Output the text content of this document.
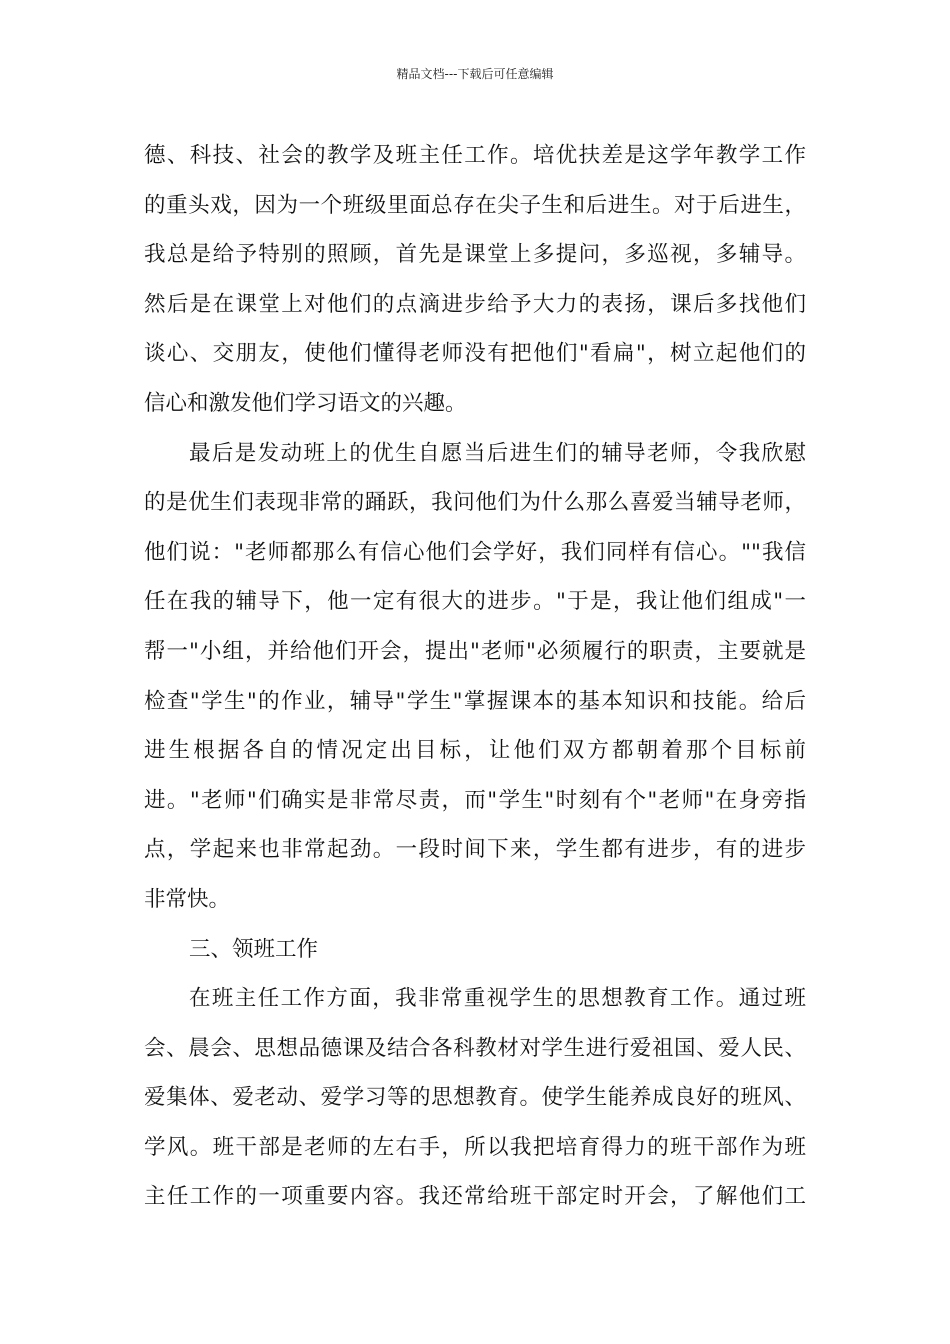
精品文档---下载后可任意编辑
德、科技、社会的教学及班主任工作。培优扶差是这学年教学工作
的重头戏，因为一个班级里面总存在尖子生和后进生。对于后进生，
我总是给予特别的照顾，首先是课堂上多提问，多巡视，多辅导。
然后是在课堂上对他们的点滴进步给予大力的表扬，课后多找他们
谈心、交朋友，使他们懂得老师没有把他们"看扁"，树立起他们的
信心和激发他们学习语文的兴趣。
最后是发动班上的优生自愿当后进生们的辅导老师，令我欣慰
的是优生们表现非常的踊跃，我问他们为什么那么喜爱当辅导老师，
他们说："老师都那么有信心他们会学好，我们同样有信心。""我信
任在我的辅导下，他一定有很大的进步。"于是，我让他们组成"一
帮一"小组，并给他们开会，提出"老师"必须履行的职责，主要就是
检查"学生"的作业，辅导"学生"掌握课本的基本知识和技能。给后
进生根据各自的情况定出目标，让他们双方都朝着那个目标前
进。"老师"们确实是非常尽责，而"学生"时刻有个"老师"在身旁指
点，学起来也非常起劲。一段时间下来，学生都有进步，有的进步
非常快。
三、领班工作
在班主任工作方面，我非常重视学生的思想教育工作。通过班
会、晨会、思想品德课及结合各科教材对学生进行爱祖国、爱人民、
爱集体、爱老动、爱学习等的思想教育。使学生能养成良好的班风、
学风。班干部是老师的左右手，所以我把培育得力的班干部作为班
主任工作的一项重要内容。我还常给班干部定时开会，了解他们工
